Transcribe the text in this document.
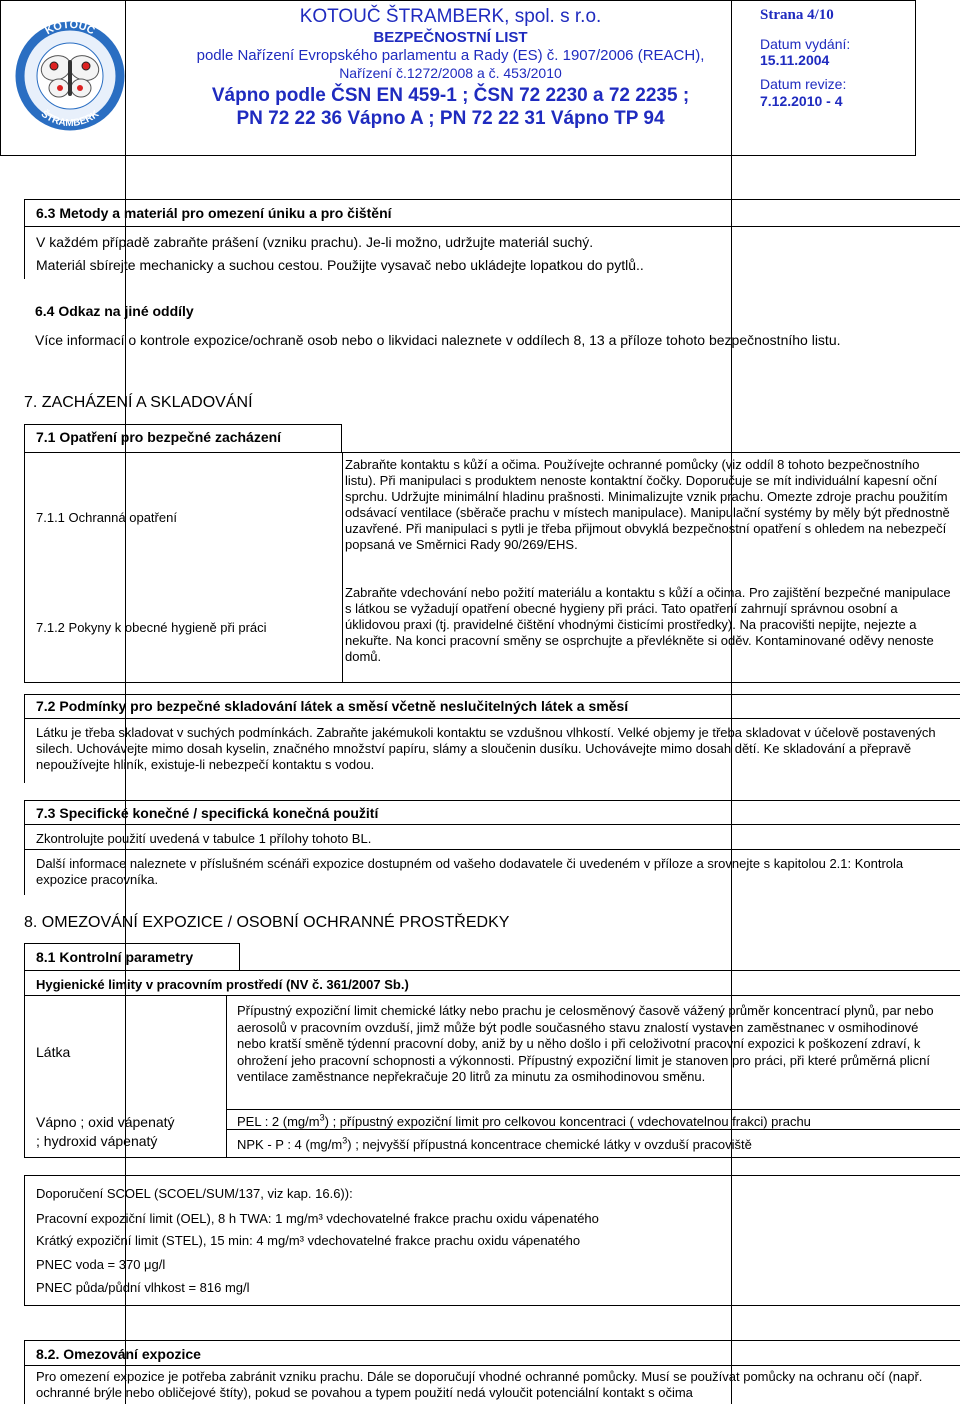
KOTOUČ
ŠTRAMBERK
KOTOUČ ŠTRAMBERK, spol. s r.o.
BEZPEČNOSTNÍ LIST
podle Nařízení Evropského parlamentu a Rady (ES) č. 1907/2006 (REACH),
Nařízení č.1272/2008 a č. 453/2010
Vápno podle ČSN EN 459-1 ; ČSN 72 2230 a 72 2235 ;
PN 72 22 36 Vápno A ; PN 72 22 31 Vápno TP 94
Strana 4/10
Datum vydání:
15.11.2004
Datum revize:
7.12.2010 - 4
6.3 Metody a materiál pro omezení úniku a pro čištění

V každém případě zabraňte prášení (vzniku prachu). Je-li možno, udržujte materiál suchý.

Materiál sbírejte mechanicky a suchou cestou. Použijte vysavač nebo ukládejte lopatkou do pytlů..

6.4 Odkaz na jiné oddíly

Více informací o kontrole expozice/ochraně osob nebo o likvidaci naleznete v oddílech 8, 13 a příloze tohoto bezpečnostního listu.

7. ZACHÁZENÍ A SKLADOVÁNÍ
7.1 Opatření pro bezpečné zacházení
7.1.1 Ochranná opatření

Zabraňte kontaktu s kůží a očima. Používejte ochranné pomůcky (viz oddíl 8 tohoto bezpečnostního listu). Při manipulaci s produktem nenoste kontaktní čočky. Doporučuje se mít individuální kapesní oční sprchu. Udržujte minimální hladinu prašnosti. Minimalizujte vznik prachu. Omezte zdroje prachu použitím odsávací ventilace (sběrače prachu v místech manipulace). Manipulační systémy by měly být přednostně uzavřené. Při manipulaci s pytli je třeba přijmout obvyklá bezpečnostní opatření s ohledem na nebezpečí popsaná ve Směrnici Rady 90/269/EHS.

7.1.2 Pokyny k obecné hygieně při práci

Zabraňte vdechování nebo požití materiálu a kontaktu s kůží a očima. Pro zajištění bezpečné manipulace s látkou se vyžadují opatření obecné hygieny při práci. Tato opatření zahrnují správnou osobní a úklidovou praxi (tj. pravidelné čištění vhodnými čisticími prostředky). Na pracovišti nepijte, nejezte a nekuřte. Na konci pracovní směny se osprchujte a převlékněte si oděv. Kontaminované oděvy nenoste domů.

7.2 Podmínky pro bezpečné skladování látek a směsí včetně neslučitelných látek a směsí

Látku je třeba skladovat v suchých podmínkách. Zabraňte jakémukoli kontaktu se vzdušnou vlhkostí. Velké objemy je třeba skladovat v účelově postavených silech. Uchovávejte mimo dosah kyselin, značného množství papíru, slámy a sloučenin dusíku. Uchovávejte mimo dosah dětí. Ke skladování a přepravě nepoužívejte hliník, existuje-li nebezpečí kontaktu s vodou.

7.3 Specifické konečné / specifická konečná použití

Zkontrolujte použití uvedená v tabulce 1 přílohy tohoto BL.

Další informace naleznete v příslušném scénáři expozice dostupném od vašeho dodavatele či uvedeném v příloze a srovnejte s kapitolou 2.1: Kontrola expozice pracovníka.

8. OMEZOVÁNÍ EXPOZICE / OSOBNÍ OCHRANNÉ PROSTŘEDKY
8.1 Kontrolní parametry
Hygienické limity v pracovním prostředí (NV č. 361/2007 Sb.)
Látka

Přípustný expoziční limit chemické látky nebo prachu je celosměnový časově vážený průměr koncentrací plynů, par nebo aerosolů v pracovním ovzduší, jimž může být podle současného stavu znalostí vystaven zaměstnanec v osmihodinové nebo kratší směně týdenní pracovní doby, aniž by u něho došlo i při celoživotní pracovní expozici k poškození zdraví, k ohrožení jeho pracovní schopnosti a výkonnosti. Přípustný expoziční limit je stanoven pro práci, při které průměrná plicní ventilace zaměstnance nepřekračuje 20 litrů za minutu za osmihodinovou směnu.

Vápno ; oxid vápenatý
; hydroxid vápenatý
PEL : 2 $(mg/m^3)$ ; přípustný expoziční limit pro celkovou koncentraci ( vdechovatelnou frakci) prachu
NPK - P : 4 $(mg/m^3)$ ; nejvyšší přípustná koncentrace chemické látky v ovzduší pracoviště
Doporučení SCOEL (SCOEL/SUM/137, viz kap. 16.6)):
Pracovní expoziční limit (OEL), 8 h TWA: 1 mg/m³ vdechovatelné frakce prachu oxidu vápenatého
Krátký expoziční limit (STEL), 15 min: 4 mg/m³ vdechovatelné frakce prachu oxidu vápenatého
PNEC voda = 370 μg/l
PNEC půda/půdní vlhkost = 816 mg/l
8.2. Omezování expozice

Pro omezení expozice je potřeba zabránit vzniku prachu. Dále se doporučují vhodné ochranné pomůcky. Musí se používat pomůcky na ochranu očí (např. ochranné brýle nebo obličejové štíty), pokud se povahou a typem použití nedá vyloučit potenciální kontakt s očima
